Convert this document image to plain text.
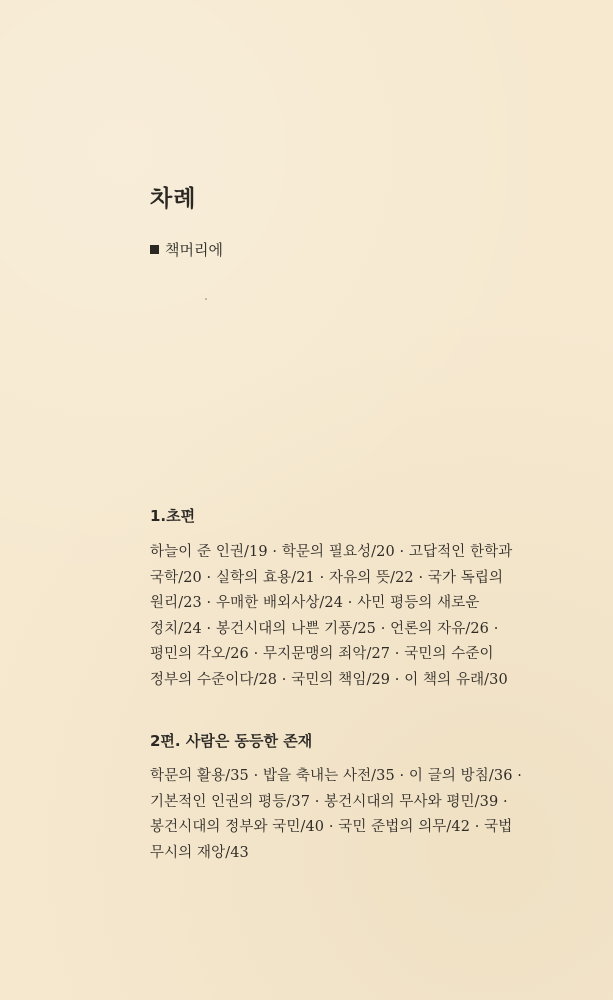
차례
책머리에
1.초편

하늘이 준 인권/19 · 학문의 필요성/20 · 고답적인 한학과 국학/20 · 실학의 효용/21 · 자유의 뜻/22 · 국가 독립의 원리/23 · 우매한 배외사상/24 · 사민 평등의 새로운 정치/24 · 봉건시대의 나쁜 기풍/25 · 언론의 자유/26 · 평민의 각오/26 · 무지문맹의 죄악/27 · 국민의 수준이 정부의 수준이다/28 · 국민의 책임/29 · 이 책의 유래/30

2편. 사람은 동등한 존재

학문의 활용/35 · 밥을 축내는 사전/35 · 이 글의 방침/36 · 기본적인 인권의 평등/37 · 봉건시대의 무사와 평민/39 · 봉건시대의 정부와 국민/40 · 국민 준법의 의무/42 · 국법 무시의 재앙/43
